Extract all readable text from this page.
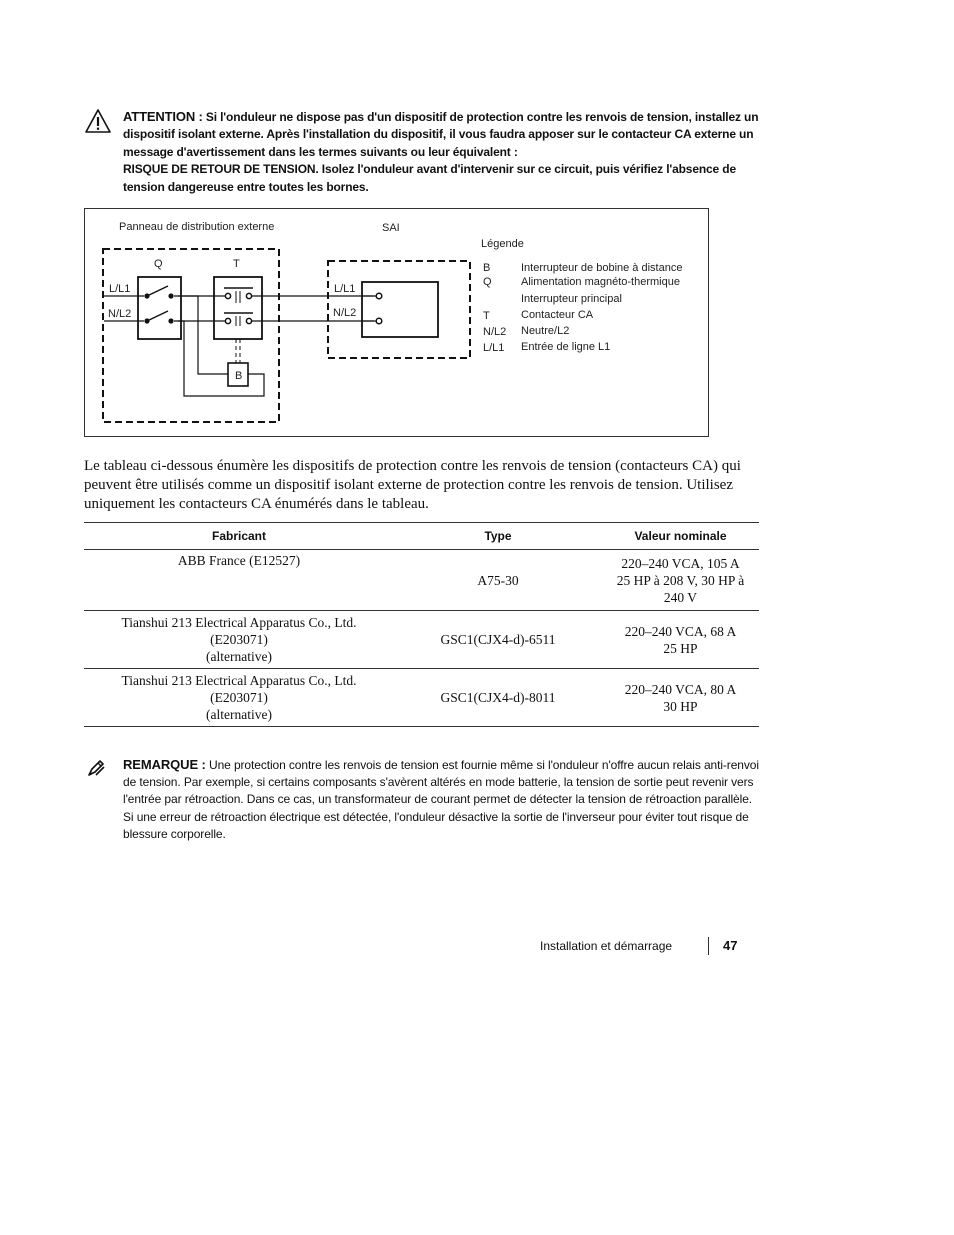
ATTENTION : Si l'onduleur ne dispose pas d'un dispositif de protection contre les renvois de tension, installez un dispositif isolant externe. Après l'installation du dispositif, il vous faudra apposer sur le contacteur CA externe un message d'avertissement dans les termes suivants ou leur équivalent :
RISQUE DE RETOUR DE TENSION. Isolez l'onduleur avant d'intervenir sur ce circuit, puis vérifiez l'absence de tension dangereuse entre toutes les bornes.
Panneau de distribution externe	SAI
Légende
Q	T
L/L1
N/L2
B
L/L1
N/L2
B	Interrupteur de bobine à distance
Q	Alimentation magnéto-thermique
Interrupteur principal
T	Contacteur CA
N/L2 Neutre/L2
L/L1 Entrée de ligne L1
Le tableau ci‑dessous énumère les dispositifs de protection contre les renvois de tension (contacteurs CA) qui peuvent être utilisés comme un dispositif isolant externe de protection contre les renvois de tension. Utilisez uniquement les contacteurs CA énumérés dans le tableau.
Fabricant	Type	Valeur nominale
ABB France (E12527)	A75‑30	220–240 VCA, 105 A
25 HP à 208 V, 30 HP à
240 V
Tianshui 213 Electrical Apparatus Co., Ltd.
(E203071)
(alternative)	GSC1(CJX4‑d)‑6511	220–240 VCA, 68 A
25 HP
Tianshui 213 Electrical Apparatus Co., Ltd.
(E203071)
(alternative)	GSC1(CJX4‑d)‑8011	220–240 VCA, 80 A
30 HP
REMARQUE : Une protection contre les renvois de tension est fournie même si l'onduleur n'offre aucun relais anti-renvoi de tension. Par exemple, si certains composants s'avèrent altérés en mode batterie, la tension de sortie peut revenir vers l'entrée par rétroaction. Dans ce cas, un transformateur de courant permet de détecter la tension de rétroaction parallèle. Si une erreur de rétroaction électrique est détectée, l'onduleur désactive la sortie de l'inverseur pour éviter tout risque de blessure corporelle.
Installation et démarrage	47
